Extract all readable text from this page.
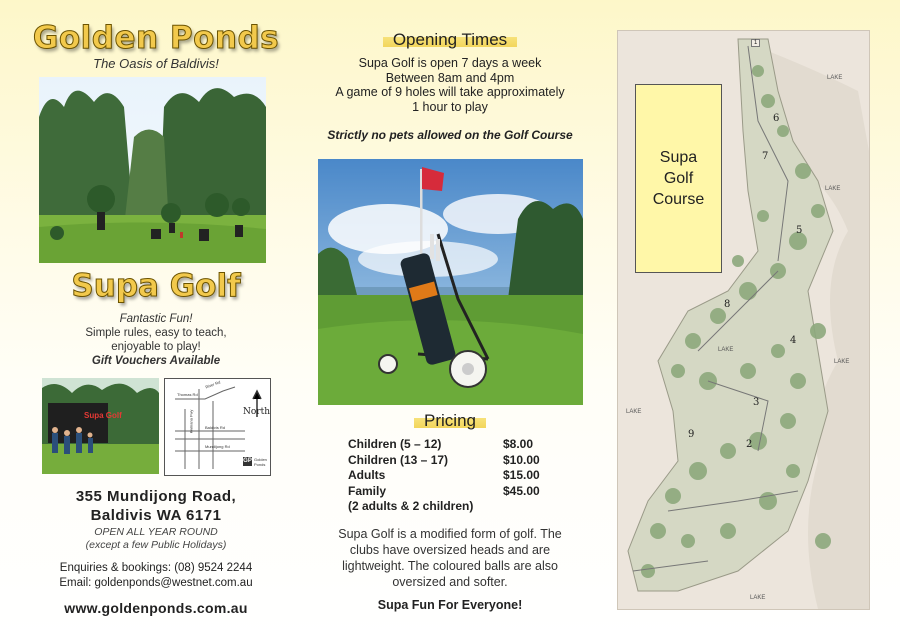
Golden Ponds
The Oasis of Baldivis!
Supa Golf
Fantastic Fun!
Simple rules, easy to teach,
enjoyable to play!
Gift Vouchers Available
Supa Golf	North
River Rd
Thomas Rd
Baldivis Rd
Mundijong Rd
Kwinana Fwy
GP Golden Ponds
355 Mundijong Road,
Baldivis WA 6171
OPEN ALL YEAR ROUND
(except a few Public Holidays)
Enquiries & bookings: (08) 9524 2244
Email: goldenponds@westnet.com.au
www.goldenponds.com.au
Opening Times
Supa Golf is open 7 days a week
Between 8am and 4pm
A game of 9 holes will take approximately
1 hour to play
Strictly no pets allowed on the Golf Course
Pricing
Children (5 – 12)	$8.00
Children (13 – 17)	$10.00
Adults	$15.00
Family	$45.00
(2 adults & 2 children)
Supa Golf is a modified form of golf. The
clubs have oversized heads and are
lightweight. The coloured balls are also
oversized and softer.
Supa Fun For Everyone!
1
2
3
4
5
6
7
8
9
LAKE
LAKE
LAKE
LAKE
LAKE
LAKE
Supa
Golf
Course
